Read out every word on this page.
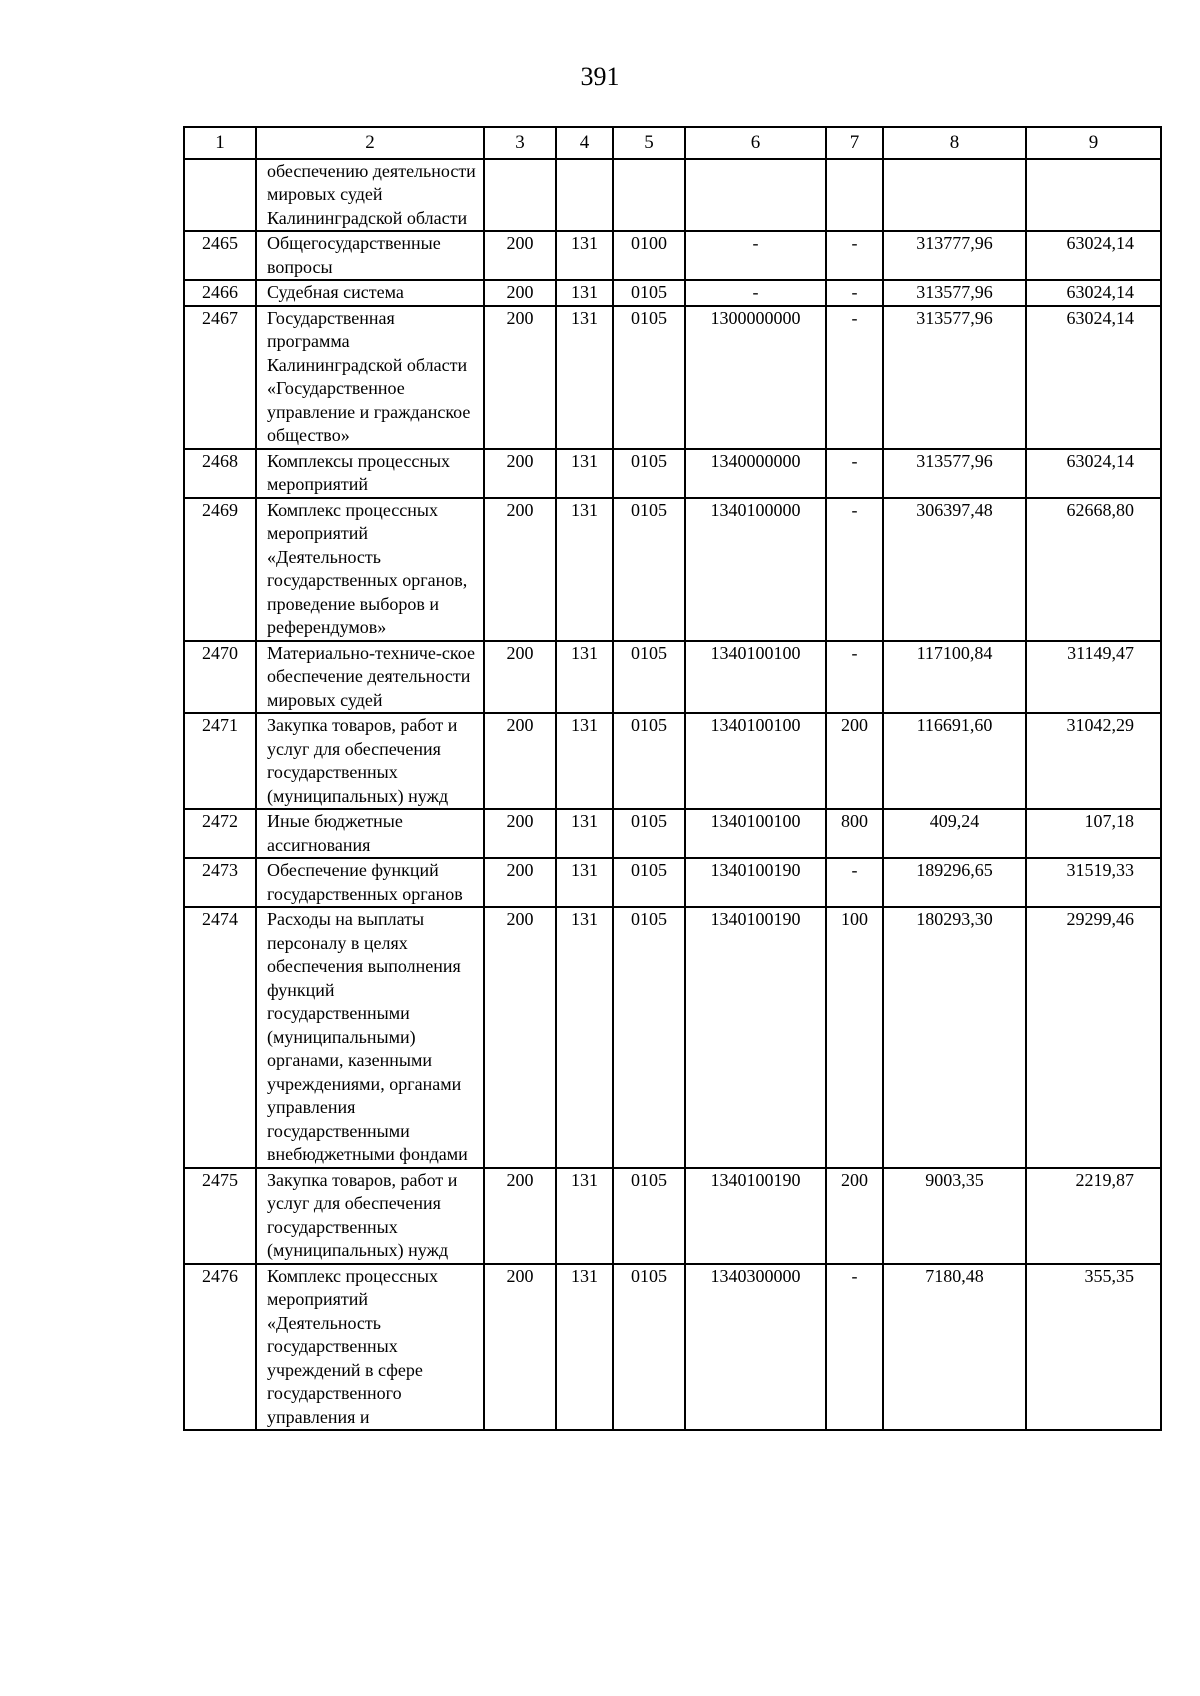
391
1	2	3	4	5	6	7	8	9
	обеспечению деятельности мировых судей Калининградской области							
2465	Общегосударственные вопросы	200	131	0100	-	-	313777,96	63024,14
2466	Судебная система	200	131	0105	-	-	313577,96	63024,14
2467	Государственная программа Калининградской области «Государственное управление и гражданское общество»	200	131	0105	1300000000	-	313577,96	63024,14
2468	Комплексы процессных мероприятий	200	131	0105	1340000000	-	313577,96	63024,14
2469	Комплекс процессных мероприятий «Деятельность государственных органов, проведение выборов и референдумов»	200	131	0105	1340100000	-	306397,48	62668,80
2470	Материально-техниче-ское обеспечение деятельности мировых судей	200	131	0105	1340100100	-	117100,84	31149,47
2471	Закупка товаров, работ и услуг для обеспечения государственных (муниципальных) нужд	200	131	0105	1340100100	200	116691,60	31042,29
2472	Иные бюджетные ассигнования	200	131	0105	1340100100	800	409,24	107,18
2473	Обеспечение функций государственных органов	200	131	0105	1340100190	-	189296,65	31519,33
2474	Расходы на выплаты персоналу в целях обеспечения выполнения функций государственными (муниципальными) органами, казенными учреждениями, органами управления государственными внебюджетными фондами	200	131	0105	1340100190	100	180293,30	29299,46
2475	Закупка товаров, работ и услуг для обеспечения государственных (муниципальных) нужд	200	131	0105	1340100190	200	9003,35	2219,87
2476	Комплекс процессных мероприятий «Деятельность государственных учреждений в сфере государственного управления и	200	131	0105	1340300000	-	7180,48	355,35
